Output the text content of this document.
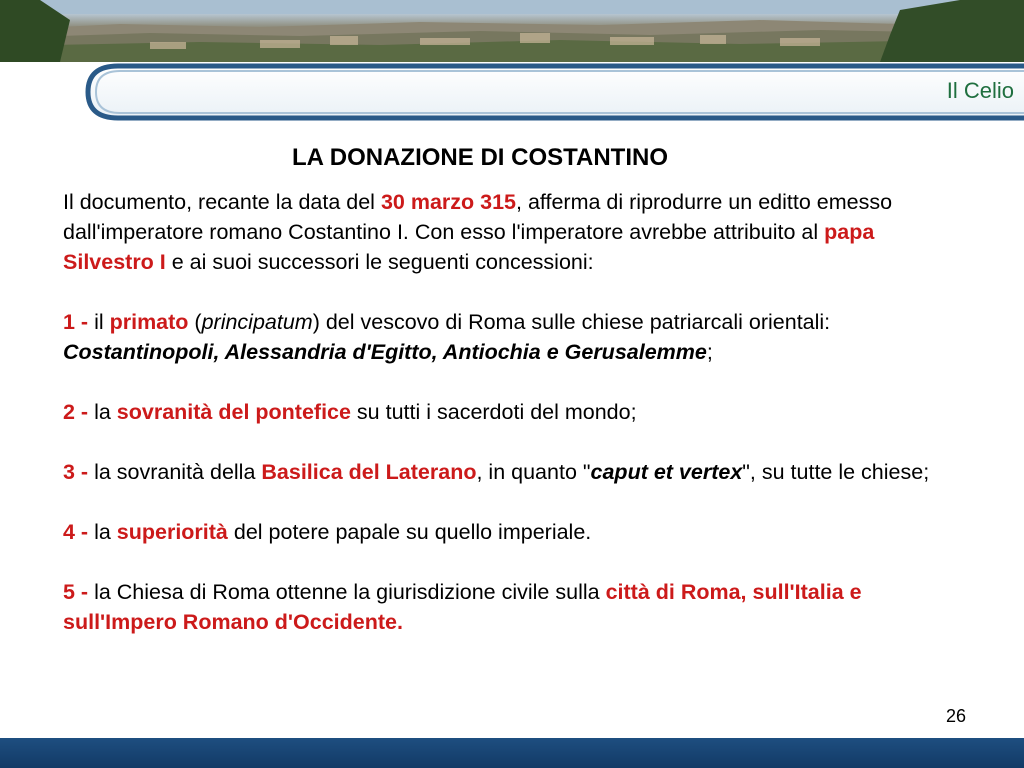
Il Celio
LA DONAZIONE DI COSTANTINO

Il documento, recante la data del 30 marzo 315, afferma di riprodurre un editto emesso dall'imperatore romano Costantino I. Con esso l'imperatore avrebbe attribuito al papa Silvestro I e ai suoi successori le seguenti concessioni:

1 - il primato (principatum) del vescovo di Roma sulle chiese patriarcali orientali: Costantinopoli, Alessandria d'Egitto, Antiochia e Gerusalemme;

2 - la sovranità del pontefice su tutti i sacerdoti del mondo;

3 - la sovranità della Basilica del Laterano, in quanto "caput et vertex", su tutte le chiese;

4 - la superiorità del potere papale su quello imperiale.

5 - la Chiesa di Roma ottenne la giurisdizione civile sulla città di Roma, sull'Italia e sull'Impero Romano d'Occidente.

26
